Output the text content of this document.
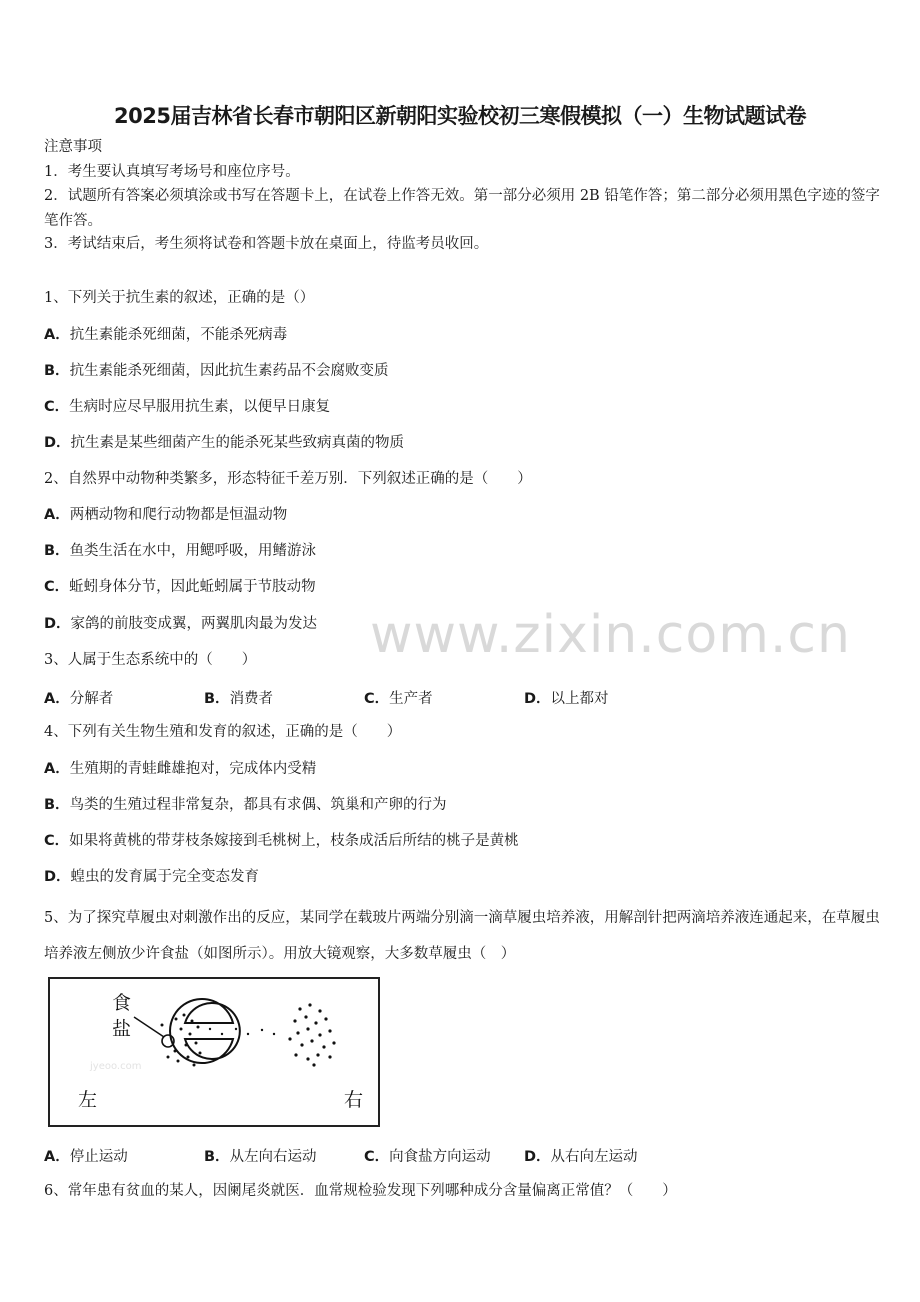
2025届吉林省长春市朝阳区新朝阳实验校初三寒假模拟（一）生物试题试卷
注意事项
1．考生要认真填写考场号和座位序号。
2．试题所有答案必须填涂或书写在答题卡上，在试卷上作答无效。第一部分必须用 2B 铅笔作答；第二部分必须用黑色字迹的签字笔作答。
3．考试结束后，考生须将试卷和答题卡放在桌面上，待监考员收回。
1、下列关于抗生素的叙述，正确的是（）
A．抗生素能杀死细菌，不能杀死病毒
B．抗生素能杀死细菌，因此抗生素药品不会腐败变质
C．生病时应尽早服用抗生素，以便早日康复
D．抗生素是某些细菌产生的能杀死某些致病真菌的物质
2、自然界中动物种类繁多，形态特征千差万别．下列叙述正确的是（　　）
A．两栖动物和爬行动物都是恒温动物
B．鱼类生活在水中，用鳃呼吸，用鳍游泳
C．蚯蚓身体分节，因此蚯蚓属于节肢动物
D．家鸽的前肢变成翼，两翼肌肉最为发达 www.zixin.com.cn
3、人属于生态系统中的（　　）
A．分解者	B．消费者	C．生产者	D．以上都对
4、下列有关生物生殖和发育的叙述，正确的是（　　）
A．生殖期的青蛙雌雄抱对，完成体内受精
B．鸟类的生殖过程非常复杂，都具有求偶、筑巢和产卵的行为
C．如果将黄桃的带芽枝条嫁接到毛桃树上，枝条成活后所结的桃子是黄桃
D．蝗虫的发育属于完全变态发育
5、为了探究草履虫对刺激作出的反应，某同学在载玻片两端分别滴一滴草履虫培养液，用解剖针把两滴培养液连通起来，在草履虫培养液左侧放少许食盐（如图所示）。用放大镜观察，大多数草履虫（　）
食
盐
左	右
jyeoo.com
A．停止运动	B．从左向右运动	C．向食盐方向运动 D．从右向左运动
6、常年患有贫血的某人，因阑尾炎就医．血常规检验发现下列哪种成分含量偏离正常值？（　　）
